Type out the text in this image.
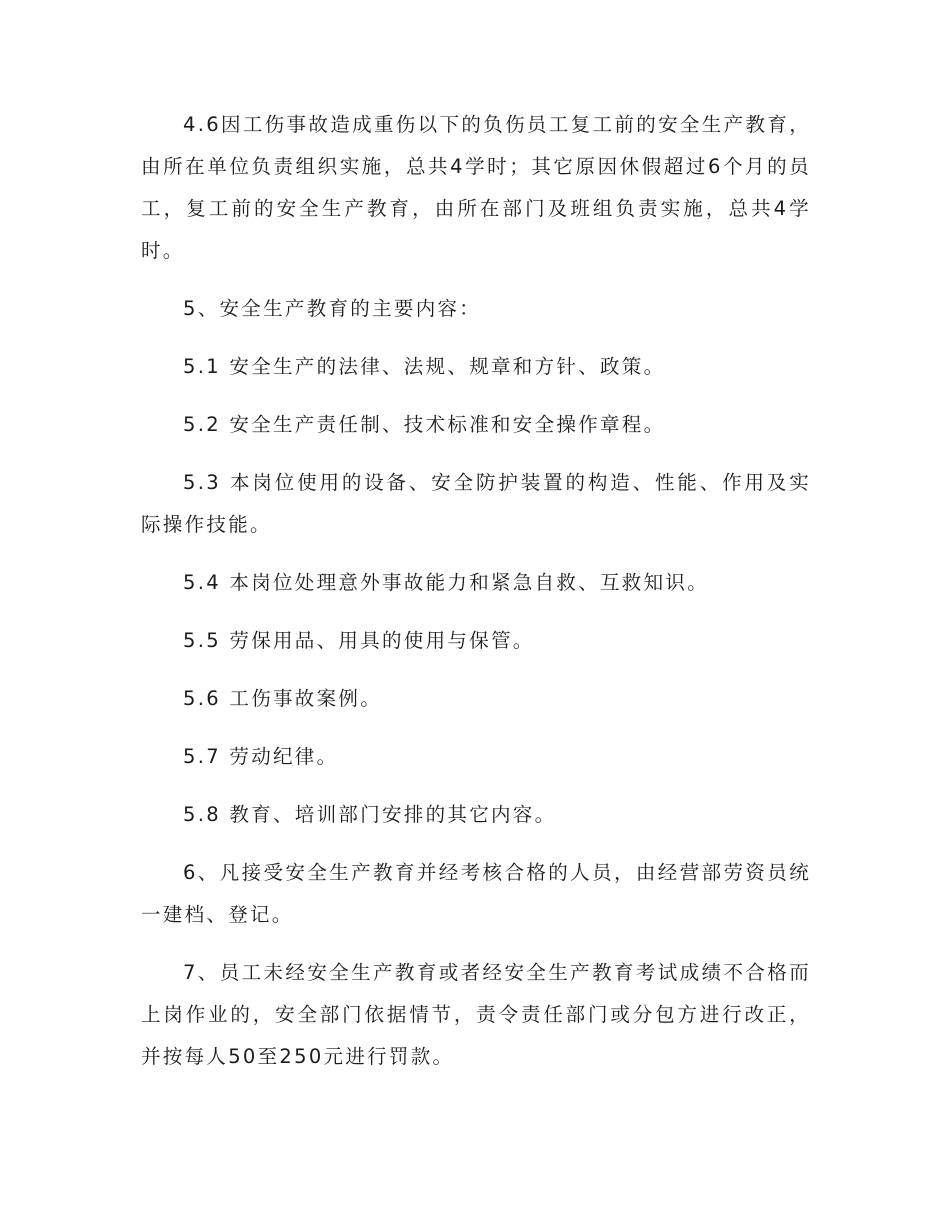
4.6因工伤事故造成重伤以下的负伤员工复工前的安全生产教育，由所在单位负责组织实施，总共4学时；其它原因休假超过6个月的员工，复工前的安全生产教育，由所在部门及班组负责实施，总共4学时。

5、安全生产教育的主要内容：

5.1 安全生产的法律、法规、规章和方针、政策。

5.2 安全生产责任制、技术标准和安全操作章程。

5.3 本岗位使用的设备、安全防护装置的构造、性能、作用及实际操作技能。

5.4 本岗位处理意外事故能力和紧急自救、互救知识。

5.5 劳保用品、用具的使用与保管。

5.6 工伤事故案例。

5.7 劳动纪律。

5.8 教育、培训部门安排的其它内容。

6、凡接受安全生产教育并经考核合格的人员，由经营部劳资员统一建档、登记。

7、员工未经安全生产教育或者经安全生产教育考试成绩不合格而上岗作业的，安全部门依据情节，责令责任部门或分包方进行改正，并按每人50至250元进行罚款。
